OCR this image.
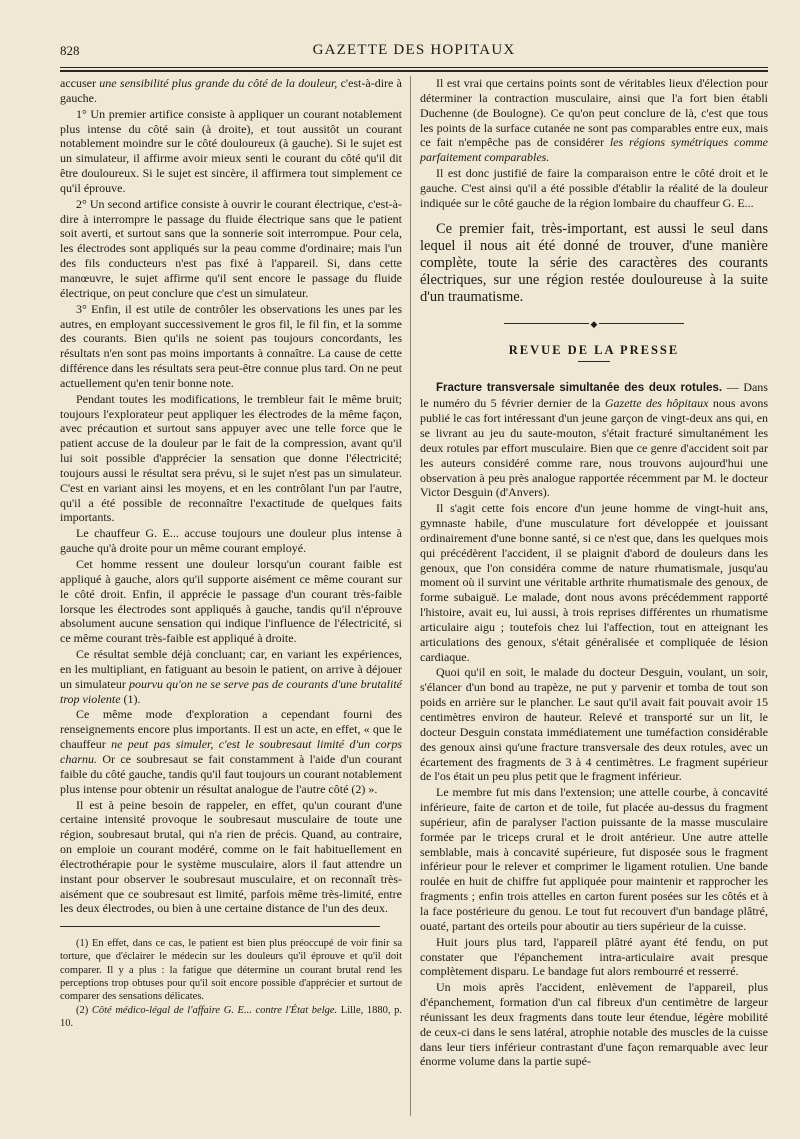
828	GAZETTE DES HOPITAUX

accuser une sensibilité plus grande du côté de la douleur, c'est-à-dire à gauche.

1° Un premier artifice consiste à appliquer un courant notablement plus intense du côté sain (à droite), et tout aussitôt un courant notablement moindre sur le côté douloureux (à gauche). Si le sujet est un simulateur, il affirme avoir mieux senti le courant du côté qu'il dit être douloureux. Si le sujet est sincère, il affirmera tout simplement ce qu'il éprouve.

2° Un second artifice consiste à ouvrir le courant électrique, c'est-à-dire à interrompre le passage du fluide électrique sans que le patient soit averti, et surtout sans que la sonnerie soit interrompue. Pour cela, les électrodes sont appliqués sur la peau comme d'ordinaire; mais l'un des fils conducteurs n'est pas fixé à l'appareil. Si, dans cette manœuvre, le sujet affirme qu'il sent encore le passage du fluide électrique, on peut conclure que c'est un simulateur.

3° Enfin, il est utile de contrôler les observations les unes par les autres, en employant successivement le gros fil, le fil fin, et la somme des courants. Bien qu'ils ne soient pas toujours concordants, les résultats n'en sont pas moins importants à connaître. La cause de cette différence dans les résultats sera peut-être connue plus tard. On ne peut actuellement qu'en tenir bonne note.

Pendant toutes les modifications, le trembleur fait le même bruit; toujours l'explorateur peut appliquer les électrodes de la même façon, avec précaution et surtout sans appuyer avec une telle force que le patient accuse de la douleur par le fait de la compression, avant qu'il lui soit possible d'apprécier la sensation que donne l'électricité; toujours aussi le résultat sera prévu, si le sujet n'est pas un simulateur. C'est en variant ainsi les moyens, et en les contrôlant l'un par l'autre, qu'il a été possible de reconnaître l'exactitude de quelques faits importants.

Le chauffeur G. E... accuse toujours une douleur plus intense à gauche qu'à droite pour un même courant employé.

Cet homme ressent une douleur lorsqu'un courant faible est appliqué à gauche, alors qu'il supporte aisément ce même courant sur le côté droit. Enfin, il apprécie le passage d'un courant très-faible lorsque les électrodes sont appliqués à gauche, tandis qu'il n'éprouve absolument aucune sensation qui indique l'influence de l'électricité, si ce même courant très-faible est appliqué à droite.

Ce résultat semble déjà concluant; car, en variant les expériences, en les multipliant, en fatiguant au besoin le patient, on arrive à déjouer un simulateur pourvu qu'on ne se serve pas de courants d'une brutalité trop violente (1).

Ce même mode d'exploration a cependant fourni des renseignements encore plus importants. Il est un acte, en effet, « que le chauffeur ne peut pas simuler, c'est le soubresaut limité d'un corps charnu. Or ce soubresaut se fait constamment à l'aide d'un courant faible du côté gauche, tandis qu'il faut toujours un courant notablement plus intense pour obtenir un résultat analogue de l'autre côté (2) ».

Il est à peine besoin de rappeler, en effet, qu'un courant d'une certaine intensité provoque le soubresaut musculaire de toute une région, soubresaut brutal, qui n'a rien de précis. Quand, au contraire, on emploie un courant modéré, comme on le fait habituellement en électrothérapie pour le système musculaire, alors il faut attendre un instant pour observer le soubresaut musculaire, et on reconnaît très-aisément que ce soubresaut est limité, parfois même très-limité, entre les deux électrodes, ou bien à une certaine distance de l'un des deux.

(1) En effet, dans ce cas, le patient est bien plus préoccupé de voir finir sa torture, que d'éclairer le médecin sur les douleurs qu'il éprouve et qu'il doit comparer. Il y a plus : la fatigue que détermine un courant brutal rend les perceptions trop obtuses pour qu'il soit encore possible d'apprécier et surtout de comparer des sensations délicates.

(2) Côté médico-légal de l'affaire G. E... contre l'État belge. Lille, 1880, p. 10.

Il est vrai que certains points sont de véritables lieux d'élection pour déterminer la contraction musculaire, ainsi que l'a fort bien établi Duchenne (de Boulogne). Ce qu'on peut conclure de là, c'est que tous les points de la surface cutanée ne sont pas comparables entre eux, mais ce fait n'empêche pas de considérer les régions symétriques comme parfaitement comparables.

Il est donc justifié de faire la comparaison entre le côté droit et le gauche. C'est ainsi qu'il a été possible d'établir la réalité de la douleur indiquée sur le côté gauche de la région lombaire du chauffeur G. E...

Ce premier fait, très-important, est aussi le seul dans lequel il nous ait été donné de trouver, d'une manière complète, toute la série des caractères des courants électriques, sur une région restée douloureuse à la suite d'un traumatisme.

◆
REVUE DE LA PRESSE

Fracture transversale simultanée des deux rotules. — Dans le numéro du 5 février dernier de la Gazette des hôpitaux nous avons publié le cas fort intéressant d'un jeune garçon de vingt-deux ans qui, en se livrant au jeu du saute-mouton, s'était fracturé simultanément les deux rotules par effort musculaire. Bien que ce genre d'accident soit par les auteurs considéré comme rare, nous trouvons aujourd'hui une observation à peu près analogue rapportée récemment par M. le docteur Victor Desguin (d'Anvers).

Il s'agit cette fois encore d'un jeune homme de vingt-huit ans, gymnaste habile, d'une musculature fort développée et jouissant ordinairement d'une bonne santé, si ce n'est que, dans les quelques mois qui précédèrent l'accident, il se plaignit d'abord de douleurs dans les genoux, que l'on considéra comme de nature rhumatismale, jusqu'au moment où il survint une véritable arthrite rhumatismale des genoux, de forme subaiguë. Le malade, dont nous avons précédemment rapporté l'histoire, avait eu, lui aussi, à trois reprises différentes un rhumatisme articulaire aigu ; toutefois chez lui l'affection, tout en atteignant les articulations des genoux, s'était généralisée et compliquée de lésion cardiaque.

Quoi qu'il en soit, le malade du docteur Desguin, voulant, un soir, s'élancer d'un bond au trapèze, ne put y parvenir et tomba de tout son poids en arrière sur le plancher. Le saut qu'il avait fait pouvait avoir 15 centimètres environ de hauteur. Relevé et transporté sur un lit, le docteur Desguin constata immédiatement une tuméfaction considérable des genoux ainsi qu'une fracture transversale des deux rotules, avec un écartement des fragments de 3 à 4 centimètres. Le fragment supérieur de l'os était un peu plus petit que le fragment inférieur.

Le membre fut mis dans l'extension; une attelle courbe, à concavité inférieure, faite de carton et de toile, fut placée au-dessus du fragment supérieur, afin de paralyser l'action puissante de la masse musculaire formée par le triceps crural et le droit antérieur. Une autre attelle semblable, mais à concavité supérieure, fut disposée sous le fragment inférieur pour le relever et comprimer le ligament rotulien. Une bande roulée en huit de chiffre fut appliquée pour maintenir et rapprocher les fragments ; enfin trois attelles en carton furent posées sur les côtés et à la face postérieure du genou. Le tout fut recouvert d'un bandage plâtré, ouaté, partant des orteils pour aboutir au tiers supérieur de la cuisse.

Huit jours plus tard, l'appareil plâtré ayant été fendu, on put constater que l'épanchement intra-articulaire avait presque complètement disparu. Le bandage fut alors rembourré et resserré.

Un mois après l'accident, enlèvement de l'appareil, plus d'épanchement, formation d'un cal fibreux d'un centimètre de largeur réunissant les deux fragments dans toute leur étendue, légère mobilité de ceux-ci dans le sens latéral, atrophie notable des muscles de la cuisse dans leur tiers inférieur contrastant d'une façon remarquable avec leur énorme volume dans la partie supé-
